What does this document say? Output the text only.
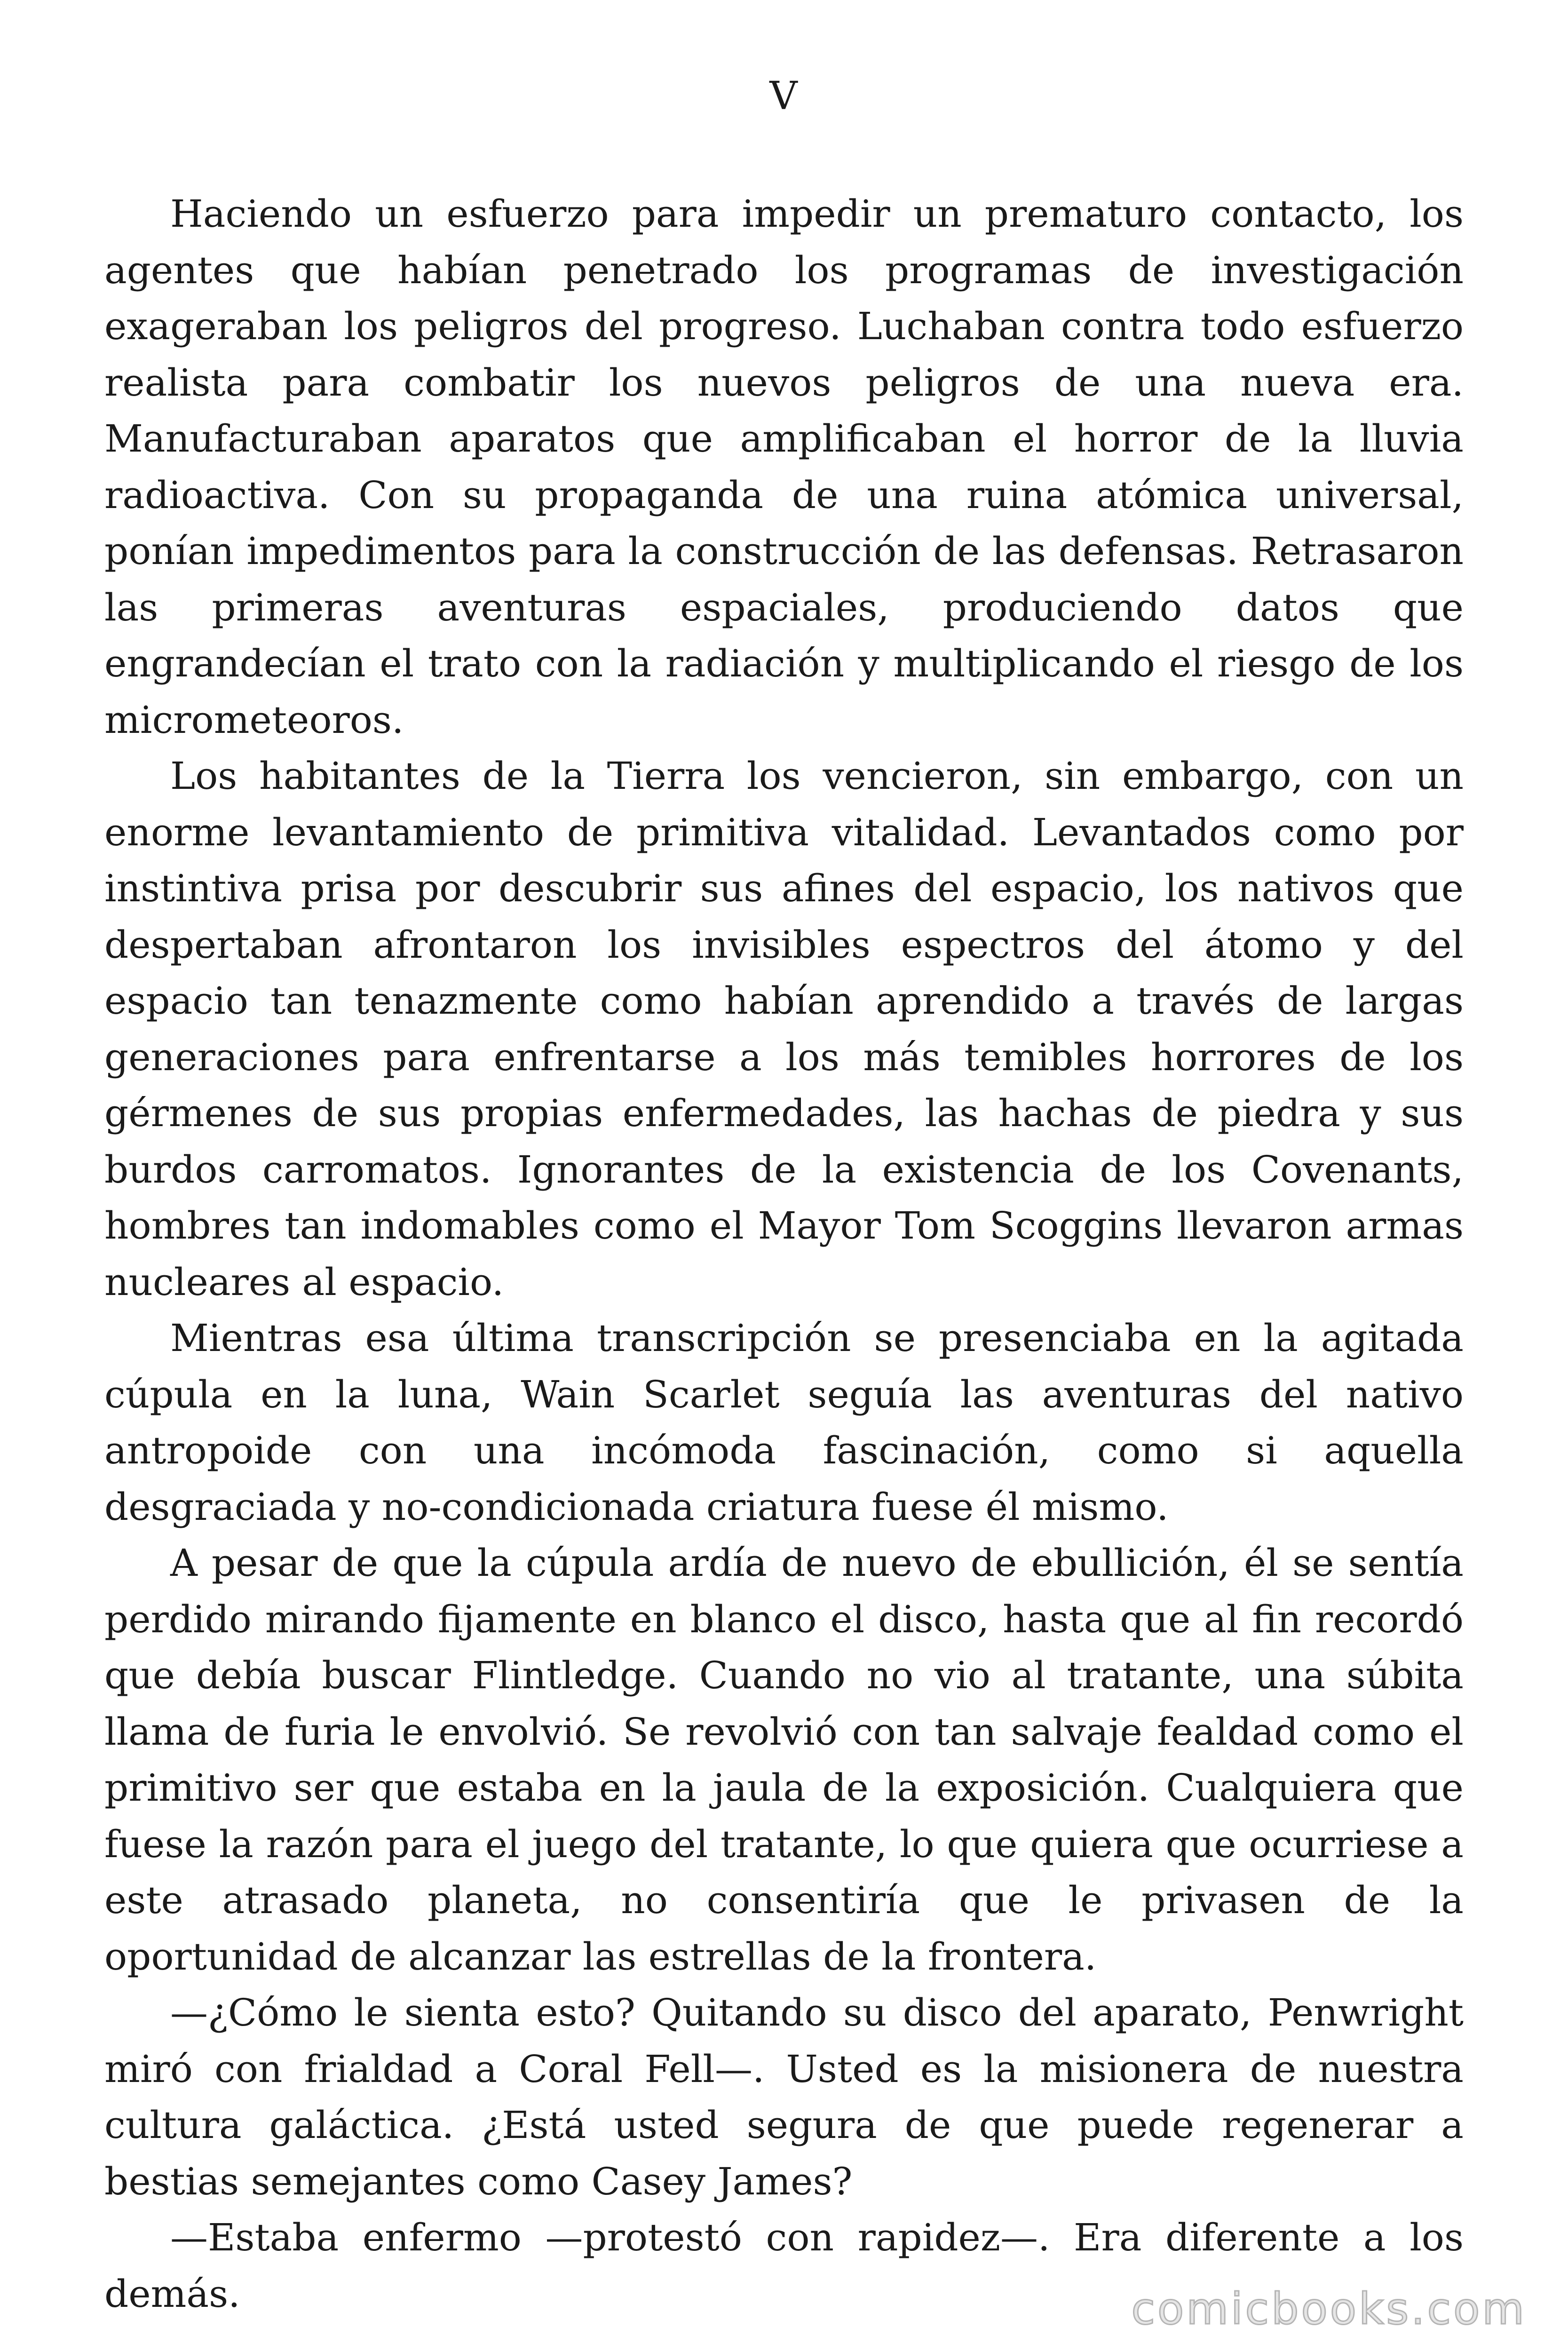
V

Haciendo un esfuerzo para impedir un prematuro contacto, los agentes que habían penetrado los programas de investigación exageraban los peligros del progreso. Luchaban contra todo esfuerzo realista para combatir los nuevos peligros de una nueva era. Manufacturaban aparatos que amplificaban el horror de la lluvia radioactiva. Con su propaganda de una ruina atómica universal, ponían impedimentos para la construcción de las defensas. Retrasaron las primeras aventuras espaciales, produciendo datos que engrandecían el trato con la radiación y multiplicando el riesgo de los micrometeoros.

Los habitantes de la Tierra los vencieron, sin embargo, con un enorme levantamiento de primitiva vitalidad. Levantados como por instintiva prisa por descubrir sus afines del espacio, los nativos que despertaban afrontaron los invisibles espectros del átomo y del espacio tan tenazmente como habían aprendido a través de largas generaciones para enfrentarse a los más temibles horrores de los gérmenes de sus propias enfermedades, las hachas de piedra y sus burdos carromatos. Ignorantes de la existencia de los Covenants, hombres tan indomables como el Mayor Tom Scoggins llevaron armas nucleares al espacio.

Mientras esa última transcripción se presenciaba en la agitada cúpula en la luna, Wain Scarlet seguía las aventuras del nativo antropoide con una incómoda fascinación, como si aquella desgraciada y no-condicionada criatura fuese él mismo.

A pesar de que la cúpula ardía de nuevo de ebullición, él se sentía perdido mirando fijamente en blanco el disco, hasta que al fin recordó que debía buscar Flintledge. Cuando no vio al tratante, una súbita llama de furia le envolvió. Se revolvió con tan salvaje fealdad como el primitivo ser que estaba en la jaula de la exposición. Cualquiera que fuese la razón para el juego del tratante, lo que quiera que ocurriese a este atrasado planeta, no consentiría que le privasen de la oportunidad de alcanzar las estrellas de la frontera.

—¿Cómo le sienta esto? Quitando su disco del aparato, Penwright miró con frialdad a Coral Fell—. Usted es la misionera de nuestra cultura galáctica. ¿Está usted segura de que puede regenerar a bestias semejantes como Casey James?

—Estaba enfermo —protestó con rapidez—. Era diferente a los demás.	comicbooks.com
